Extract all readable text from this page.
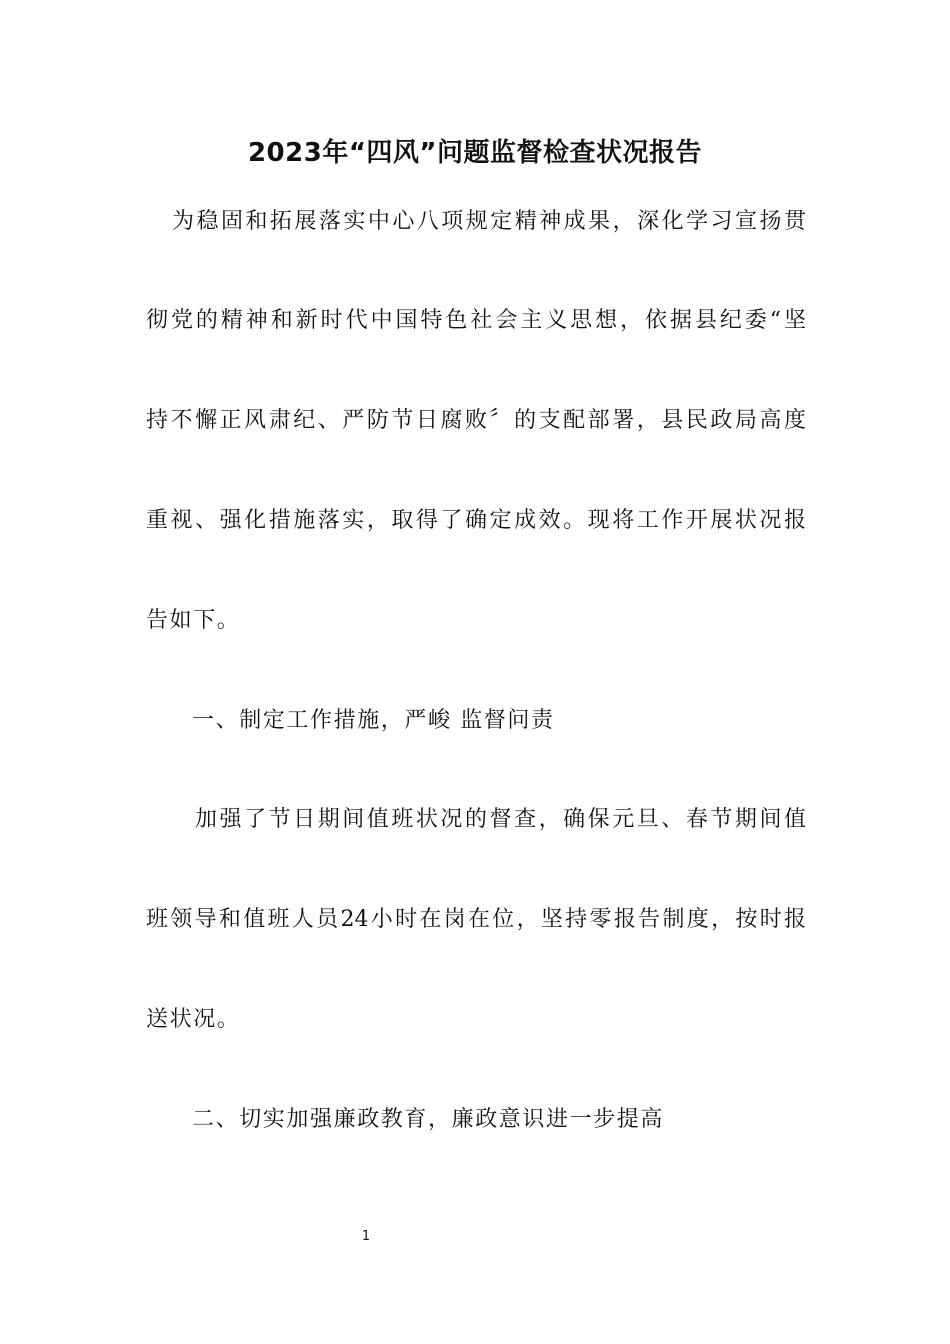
2023年“四风”问题监督检查状况报告
为稳固和拓展落实中心八项规定精神成果，深化学习宣扬贯
彻党的精神和新时代中国特色社会主义思想，依据县纪委“坚
持不懈正风肃纪、严防节日腐败〞的支配部署，县民政局高度
重视、强化措施落实，取得了确定成效。现将工作开展状况报
告如下。
一、制定工作措施，严峻 监督问责
加强了节日期间值班状况的督查，确保元旦、春节期间值
班领导和值班人员24小时在岗在位，坚持零报告制度，按时报
送状况。
二、切实加强廉政教育，廉政意识进一步提高
1
